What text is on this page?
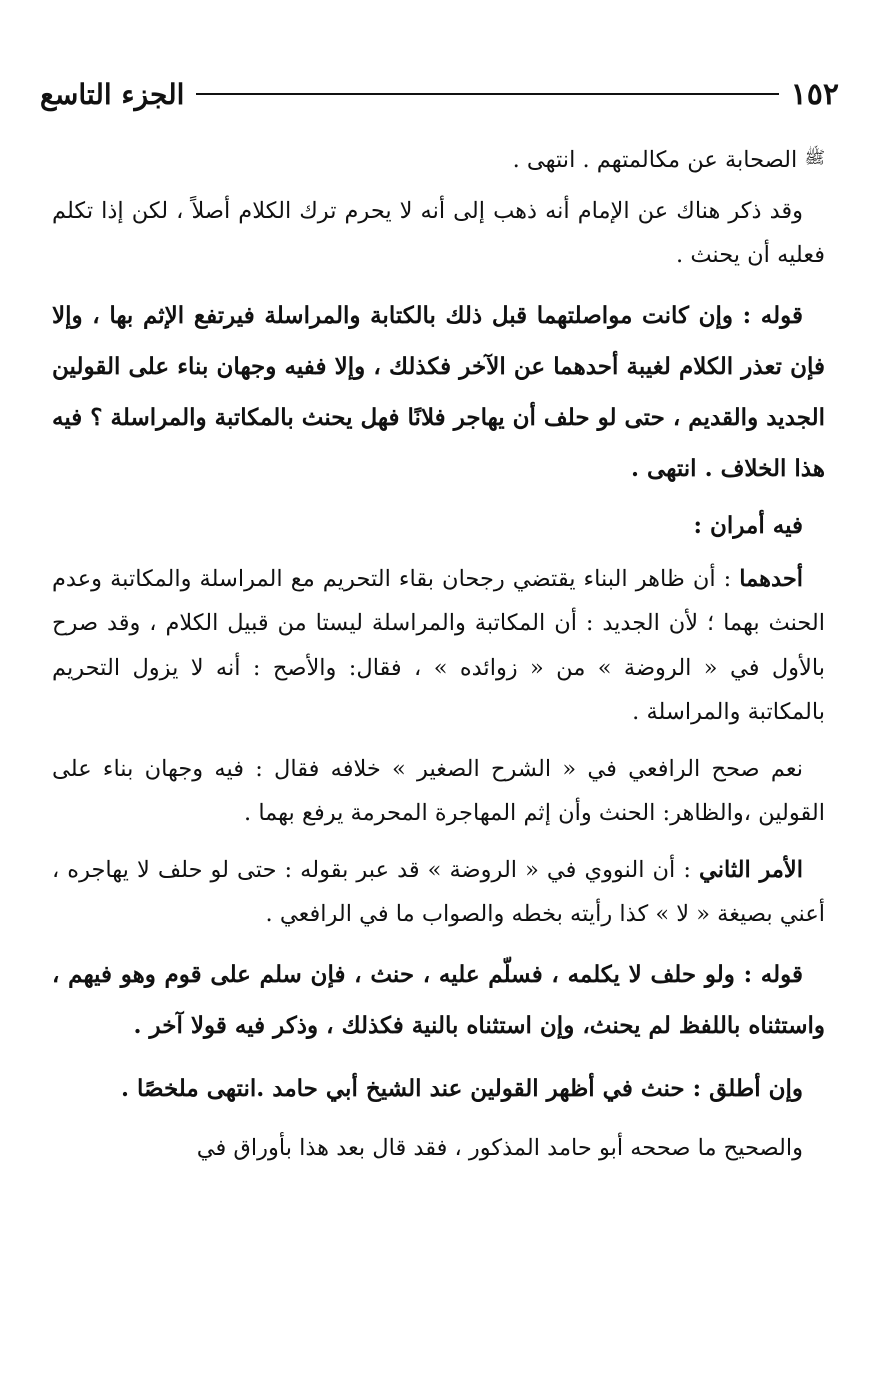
١٥٢
الجزء التاسع

ﷺ الصحابة عن مكالمتهم . انتهى .

وقد ذكر هناك عن الإمام أنه ذهب إلى أنه لا يحرم ترك الكلام أصلاً ، لكن إذا تكلم فعليه أن يحنث .

قوله : وإن كانت مواصلتهما قبل ذلك بالكتابة والمراسلة فيرتفع الإثم بها ، وإلا فإن تعذر الكلام لغيبة أحدهما عن الآخر فكذلك ، وإلا ففيه وجهان بناء على القولين الجديد والقديم ، حتى لو حلف أن يهاجر فلانًا فهل يحنث بالمكاتبة والمراسلة ؟ فيه هذا الخلاف . انتهى .

فيه أمران :

أحدهما : أن ظاهر البناء يقتضي رجحان بقاء التحريم مع المراسلة والمكاتبة وعدم الحنث بهما ؛ لأن الجديد : أن المكاتبة والمراسلة ليستا من قبيل الكلام ، وقد صرح بالأول في « الروضة » من « زوائده » ، فقال: والأصح : أنه لا يزول التحريم بالمكاتبة والمراسلة .

نعم صحح الرافعي في « الشرح الصغير » خلافه فقال : فيه وجهان بناء على القولين ،والظاهر: الحنث وأن إثم المهاجرة المحرمة يرفع بهما .

الأمر الثاني : أن النووي في « الروضة » قد عبر بقوله : حتى لو حلف لا يهاجره ، أعني بصيغة « لا » كذا رأيته بخطه والصواب ما في الرافعي .

قوله : ولو حلف لا يكلمه ، فسلّم عليه ، حنث ، فإن سلم على قوم وهو فيهم ، واستثناه باللفظ لم يحنث، وإن استثناه بالنية فكذلك ، وذكر فيه قولا آخر .

وإن أطلق : حنث في أظهر القولين عند الشيخ أبي حامد .انتهى ملخصًا .

والصحيح ما صححه أبو حامد المذكور ، فقد قال بعد هذا بأوراق في
